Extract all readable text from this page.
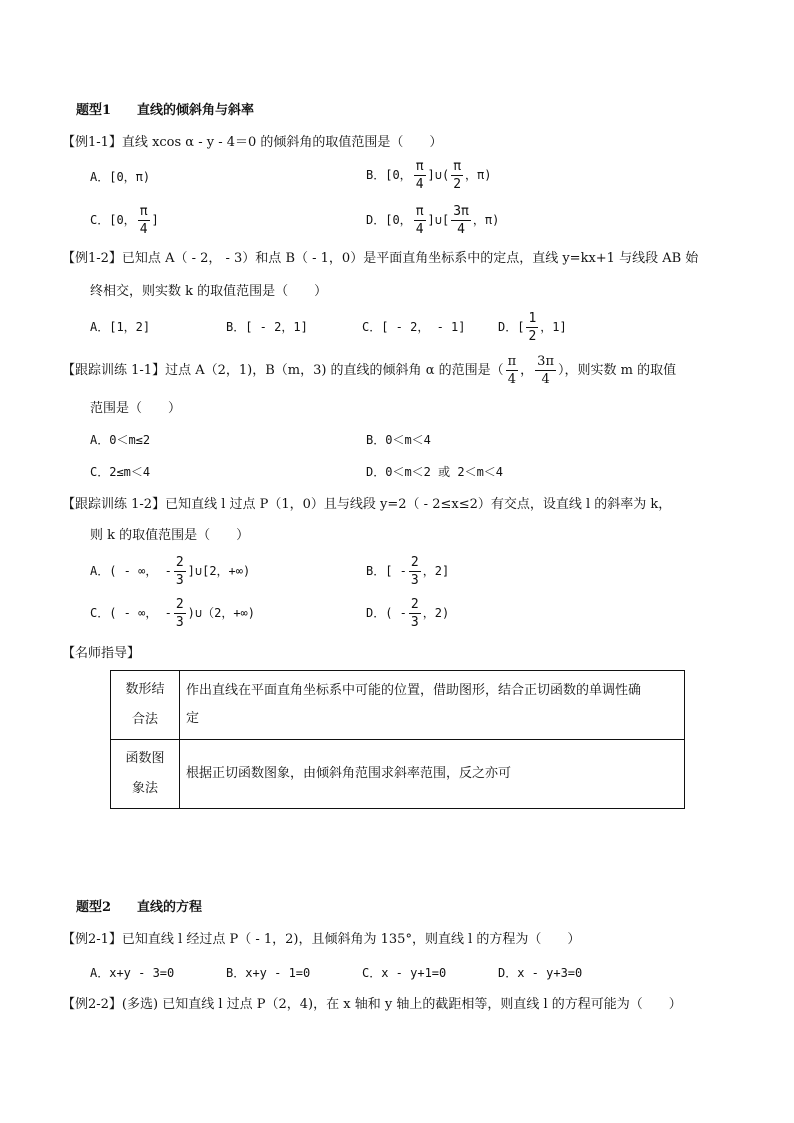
题型1　　直线的倾斜角与斜率
【例1-1】直线 xcos α - y - 4＝0 的倾斜角的取值范围是（　　）
A．[0，π)	B．[0， $\frac{\pi}{4}$ ]∪( $\frac{\pi}{2}$ ，π)
C．[0， $\frac{\pi}{4}$ ]	D．[0， $\frac{\pi}{4}$ ]∪[ $\frac{3\pi}{4}$ ，π)
【例1-2】已知点 A（ - 2， - 3）和点 B（ - 1，0）是平面直角坐标系中的定点，直线 y=kx+1 与线段 AB 始
终相交，则实数 k 的取值范围是（　　）
A．[1，2]	B．[ - 2，1]	C．[ - 2， - 1]	D．[ $\frac{1}{2}$ ，1]
【跟踪训练 1-1】过点 A（2，1)，B（m，3) 的直线的倾斜角 α 的范围是（ $\frac{\pi}{4}$ ， $\frac{3\pi}{4}$ ），则实数 m 的取值
范围是（　　）
A．0＜m≤2	B．0＜m＜4
C．2≤m＜4	D．0＜m＜2 或 2＜m＜4
【跟踪训练 1-2】已知直线 l 过点 P（1，0）且与线段 y=2（ - 2≤x≤2）有交点，设直线 l 的斜率为 k，
则 k 的取值范围是（　　）
A．( - ∞， - $\frac{2}{3}$ ]∪[2，+∞)	B．[ - $\frac{2}{3}$ ，2]
C．( - ∞， - $\frac{2}{3}$ )∪（2，+∞)	D．( - $\frac{2}{3}$ ，2)
【名师指导】
数形结
合法	作出直线在平面直角坐标系中可能的位置，借助图形，结合正切函数的单调性确
定
函数图
象法	根据正切函数图象，由倾斜角范围求斜率范围，反之亦可
题型2　　直线的方程
【例2-1】已知直线 l 经过点 P（ - 1，2)，且倾斜角为 135°，则直线 l 的方程为（　　）
A．x+y - 3=0	B．x+y - 1=0	C．x - y+1=0	D．x - y+3=0
【例2-2】(多选) 已知直线 l 过点 P（2，4)，在 x 轴和 y 轴上的截距相等，则直线 l 的方程可能为（　　）
